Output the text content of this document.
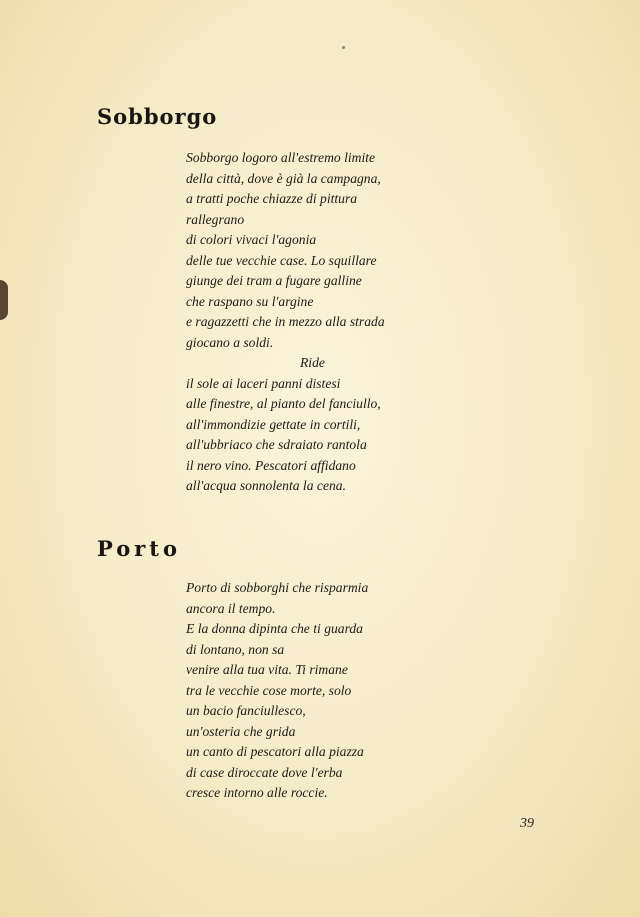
Sobborgo
Sobborgo logoro all'estremo limite
della città, dove è già la campagna,
a tratti poche chiazze di pittura
rallegrano
di colori vivaci l'agonia
delle tue vecchie case. Lo squillare
giunge dei tram a fugare galline
che raspano su l'argine
e ragazzetti che in mezzo alla strada
giocano a soldi.
Ride
il sole ai laceri panni distesi
alle finestre, al pianto del fanciullo,
all'immondizie gettate in cortili,
all'ubbriaco che sdraiato rantola
il nero vino. Pescatori affidano
all'acqua sonnolenta la cena.
Porto
Porto di sobborghi che risparmia
ancora il tempo.
E la donna dipinta che ti guarda
di lontano, non sa
venire alla tua vita. Ti rimane
tra le vecchie cose morte, solo
un bacio fanciullesco,
un'osteria che grida
un canto di pescatori alla piazza
di case diroccate dove l'erba
cresce intorno alle roccie.
39
